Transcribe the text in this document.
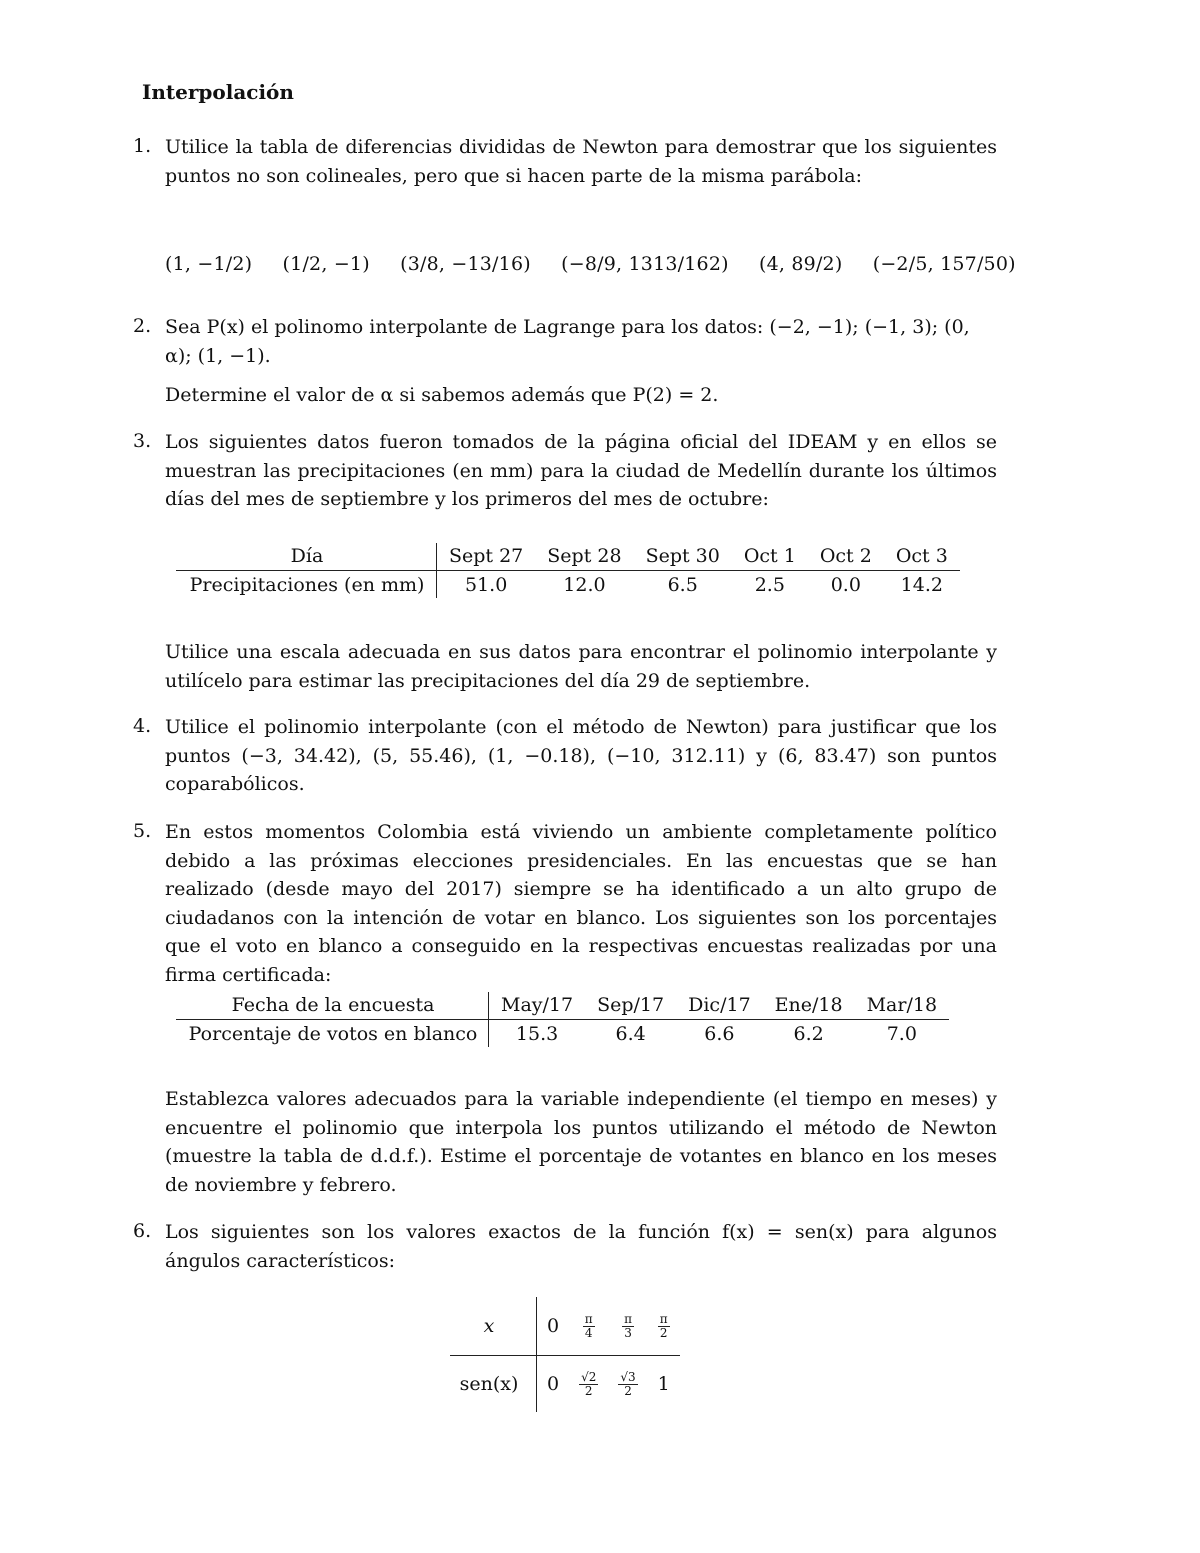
Interpolación
1. Utilice la tabla de diferencias divididas de Newton para demostrar que los siguientes puntos no son colineales, pero que si hacen parte de la misma parábola:
(1, −1/2) (1/2, −1) (3/8, −13/16) (−8/9, 1313/162) (4, 89/2) (−2/5, 157/50)
2. Sea P(x) el polinomo interpolante de Lagrange para los datos: (−2, −1); (−1, 3); (0, α); (1, −1).
Determine el valor de α si sabemos además que P(2) = 2.
3. Los siguientes datos fueron tomados de la página oficial del IDEAM y en ellos se muestran las precipitaciones (en mm) para la ciudad de Medellín durante los últimos días del mes de septiembre y los primeros del mes de octubre:
Día	Sept 27	Sept 28	Sept 30	Oct 1	Oct 2	Oct 3
Precipitaciones (en mm)	51.0	12.0	6.5	2.5	0.0	14.2
Utilice una escala adecuada en sus datos para encontrar el polinomio interpolante y utilícelo para estimar las precipitaciones del día 29 de septiembre.
4. Utilice el polinomio interpolante (con el método de Newton) para justificar que los puntos (−3, 34.42), (5, 55.46), (1, −0.18), (−10, 312.11) y (6, 83.47) son puntos coparabólicos.
5. En estos momentos Colombia está viviendo un ambiente completamente político debido a las próximas elecciones presidenciales. En las encuestas que se han realizado (desde mayo del 2017) siempre se ha identificado a un alto grupo de ciudadanos con la intención de votar en blanco. Los siguientes son los porcentajes que el voto en blanco a conseguido en la respectivas encuestas realizadas por una firma certificada:
Fecha de la encuesta	May/17	Sep/17	Dic/17	Ene/18	Mar/18
Porcentaje de votos en blanco	15.3	6.4	6.6	6.2	7.0
Establezca valores adecuados para la variable independiente (el tiempo en meses) y encuentre el polinomio que interpola los puntos utilizando el método de Newton (muestre la tabla de d.d.f.). Estime el porcentaje de votantes en blanco en los meses de noviembre y febrero.
6. Los siguientes son los valores exactos de la función f(x) = sen(x) para algunos ángulos característicos:
x	0	$\frac{\pi}{4}$	$\frac{\pi}{3}$	$\frac{\pi}{2}$

sen(x)	0	$\frac{√2}{2}$	$\frac{√3}{2}$	1
